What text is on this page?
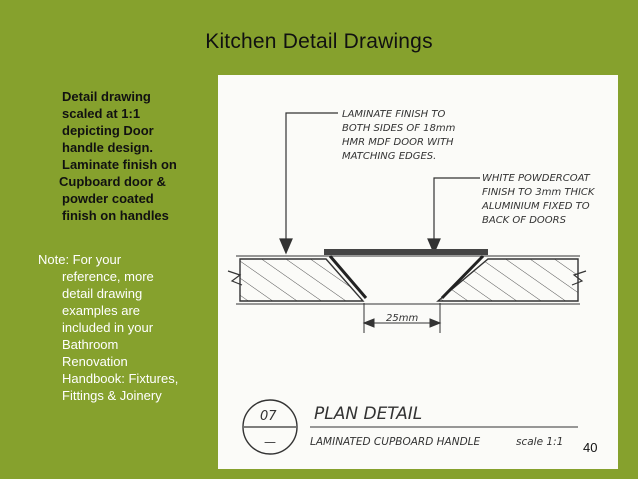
Kitchen Detail Drawings
Detail drawing
scaled at 1:1
depicting Door
handle design.
Laminate finish on
Cupboard door &
powder coated
finish on handles
Note: For your
reference, more
detail drawing
examples are
included in your
Bathroom
Renovation
Handbook: Fixtures,
Fittings & Joinery
25mm
LAMINATE FINISH TO
BOTH SIDES OF 18mm
HMR MDF DOOR WITH
MATCHING EDGES.
WHITE POWDERCOAT
FINISH TO 3mm THICK
ALUMINIUM FIXED TO
BACK OF DOORS
07
—
PLAN DETAIL
LAMINATED CUPBOARD HANDLE	scale 1:1 40
